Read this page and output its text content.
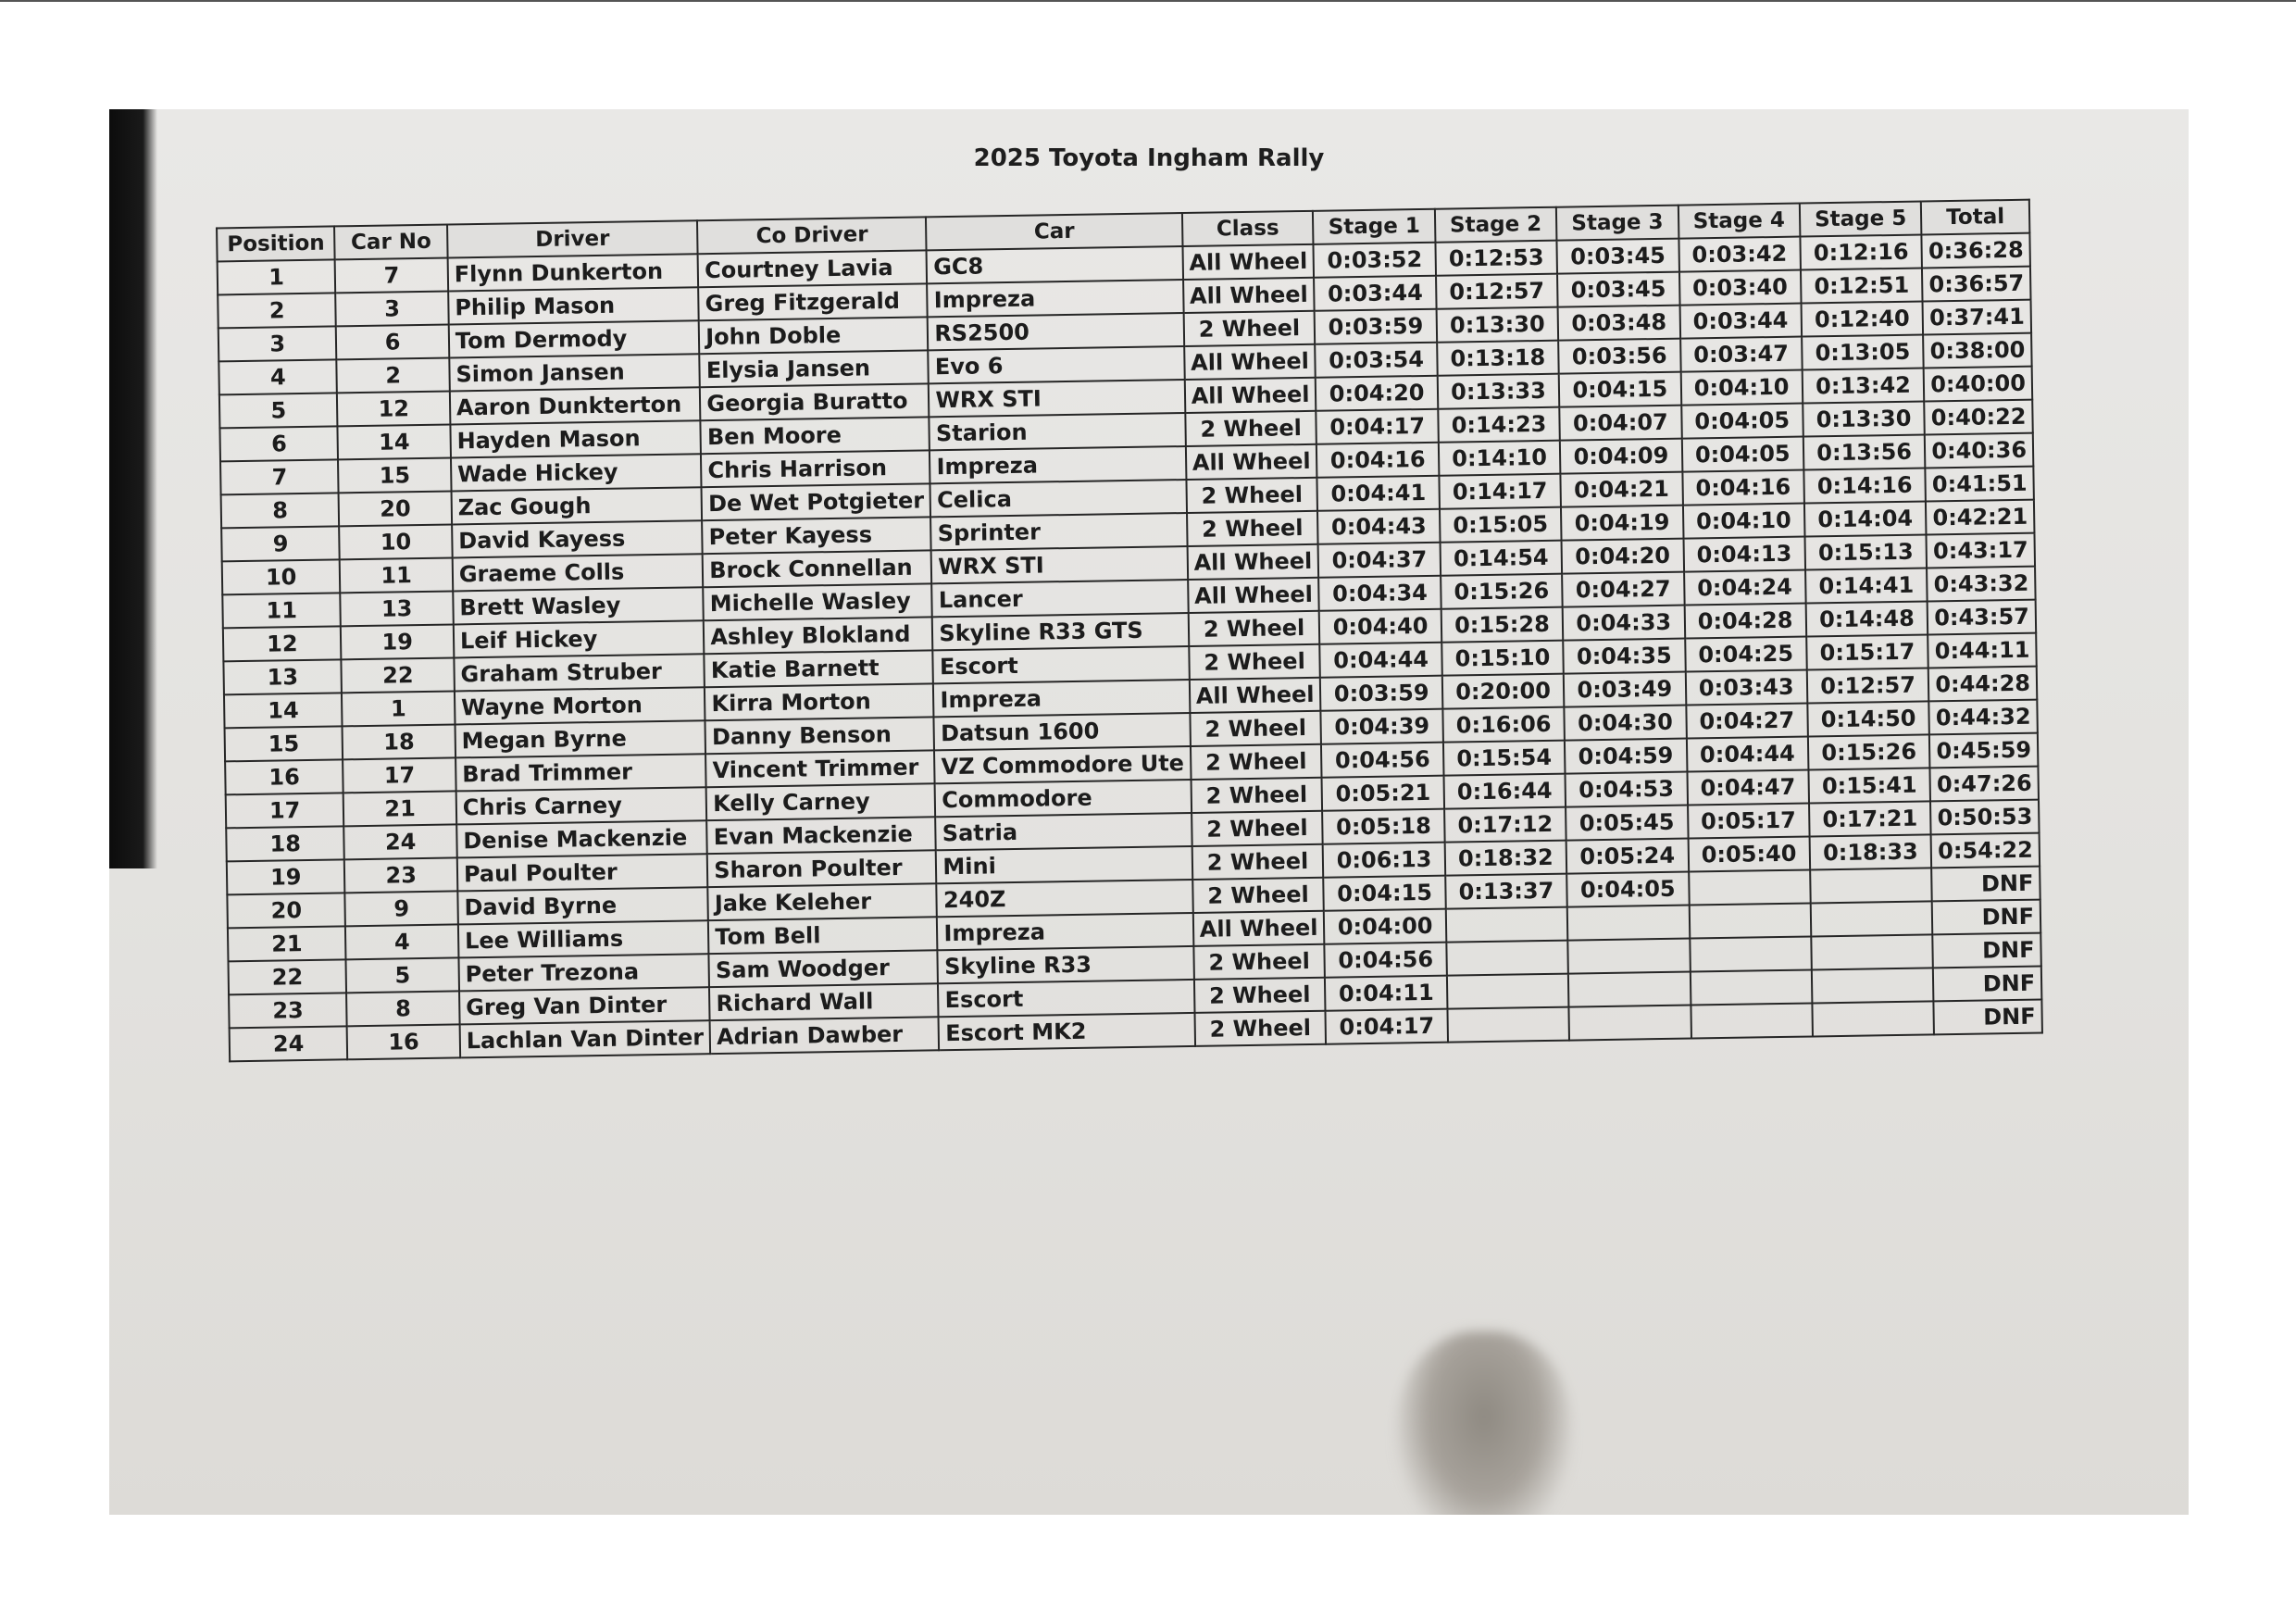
2025 Toyota Ingham Rally
Position	Car No	Driver	Co Driver	Car	Class	Stage 1	Stage 2	Stage 3	Stage 4	Stage 5	Total
1	7	Flynn Dunkerton	Courtney Lavia	GC8	All Wheel	0:03:52	0:12:53	0:03:45	0:03:42	0:12:16	0:36:28
2	3	Philip Mason	Greg Fitzgerald	Impreza	All Wheel	0:03:44	0:12:57	0:03:45	0:03:40	0:12:51	0:36:57
3	6	Tom Dermody	John Doble	RS2500	2 Wheel	0:03:59	0:13:30	0:03:48	0:03:44	0:12:40	0:37:41
4	2	Simon Jansen	Elysia Jansen	Evo 6	All Wheel	0:03:54	0:13:18	0:03:56	0:03:47	0:13:05	0:38:00
5	12	Aaron Dunkterton	Georgia Buratto	WRX STI	All Wheel	0:04:20	0:13:33	0:04:15	0:04:10	0:13:42	0:40:00
6	14	Hayden Mason	Ben Moore	Starion	2 Wheel	0:04:17	0:14:23	0:04:07	0:04:05	0:13:30	0:40:22
7	15	Wade Hickey	Chris Harrison	Impreza	All Wheel	0:04:16	0:14:10	0:04:09	0:04:05	0:13:56	0:40:36
8	20	Zac Gough	De Wet Potgieter	Celica	2 Wheel	0:04:41	0:14:17	0:04:21	0:04:16	0:14:16	0:41:51
9	10	David Kayess	Peter Kayess	Sprinter	2 Wheel	0:04:43	0:15:05	0:04:19	0:04:10	0:14:04	0:42:21
10	11	Graeme Colls	Brock Connellan	WRX STI	All Wheel	0:04:37	0:14:54	0:04:20	0:04:13	0:15:13	0:43:17
11	13	Brett Wasley	Michelle Wasley	Lancer	All Wheel	0:04:34	0:15:26	0:04:27	0:04:24	0:14:41	0:43:32
12	19	Leif Hickey	Ashley Blokland	Skyline R33 GTS	2 Wheel	0:04:40	0:15:28	0:04:33	0:04:28	0:14:48	0:43:57
13	22	Graham Struber	Katie Barnett	Escort	2 Wheel	0:04:44	0:15:10	0:04:35	0:04:25	0:15:17	0:44:11
14	1	Wayne Morton	Kirra Morton	Impreza	All Wheel	0:03:59	0:20:00	0:03:49	0:03:43	0:12:57	0:44:28
15	18	Megan Byrne	Danny Benson	Datsun 1600	2 Wheel	0:04:39	0:16:06	0:04:30	0:04:27	0:14:50	0:44:32
16	17	Brad Trimmer	Vincent Trimmer	VZ Commodore Ute	2 Wheel	0:04:56	0:15:54	0:04:59	0:04:44	0:15:26	0:45:59
17	21	Chris Carney	Kelly Carney	Commodore	2 Wheel	0:05:21	0:16:44	0:04:53	0:04:47	0:15:41	0:47:26
18	24	Denise Mackenzie	Evan Mackenzie	Satria	2 Wheel	0:05:18	0:17:12	0:05:45	0:05:17	0:17:21	0:50:53
19	23	Paul Poulter	Sharon Poulter	Mini	2 Wheel	0:06:13	0:18:32	0:05:24	0:05:40	0:18:33	0:54:22
20	9	David Byrne	Jake Keleher	240Z	2 Wheel	0:04:15	0:13:37	0:04:05			DNF
21	4	Lee Williams	Tom Bell	Impreza	All Wheel	0:04:00					DNF
22	5	Peter Trezona	Sam Woodger	Skyline R33	2 Wheel	0:04:56					DNF
23	8	Greg Van Dinter	Richard Wall	Escort	2 Wheel	0:04:11					DNF
24	16	Lachlan Van Dinter	Adrian Dawber	Escort MK2	2 Wheel	0:04:17					DNF
